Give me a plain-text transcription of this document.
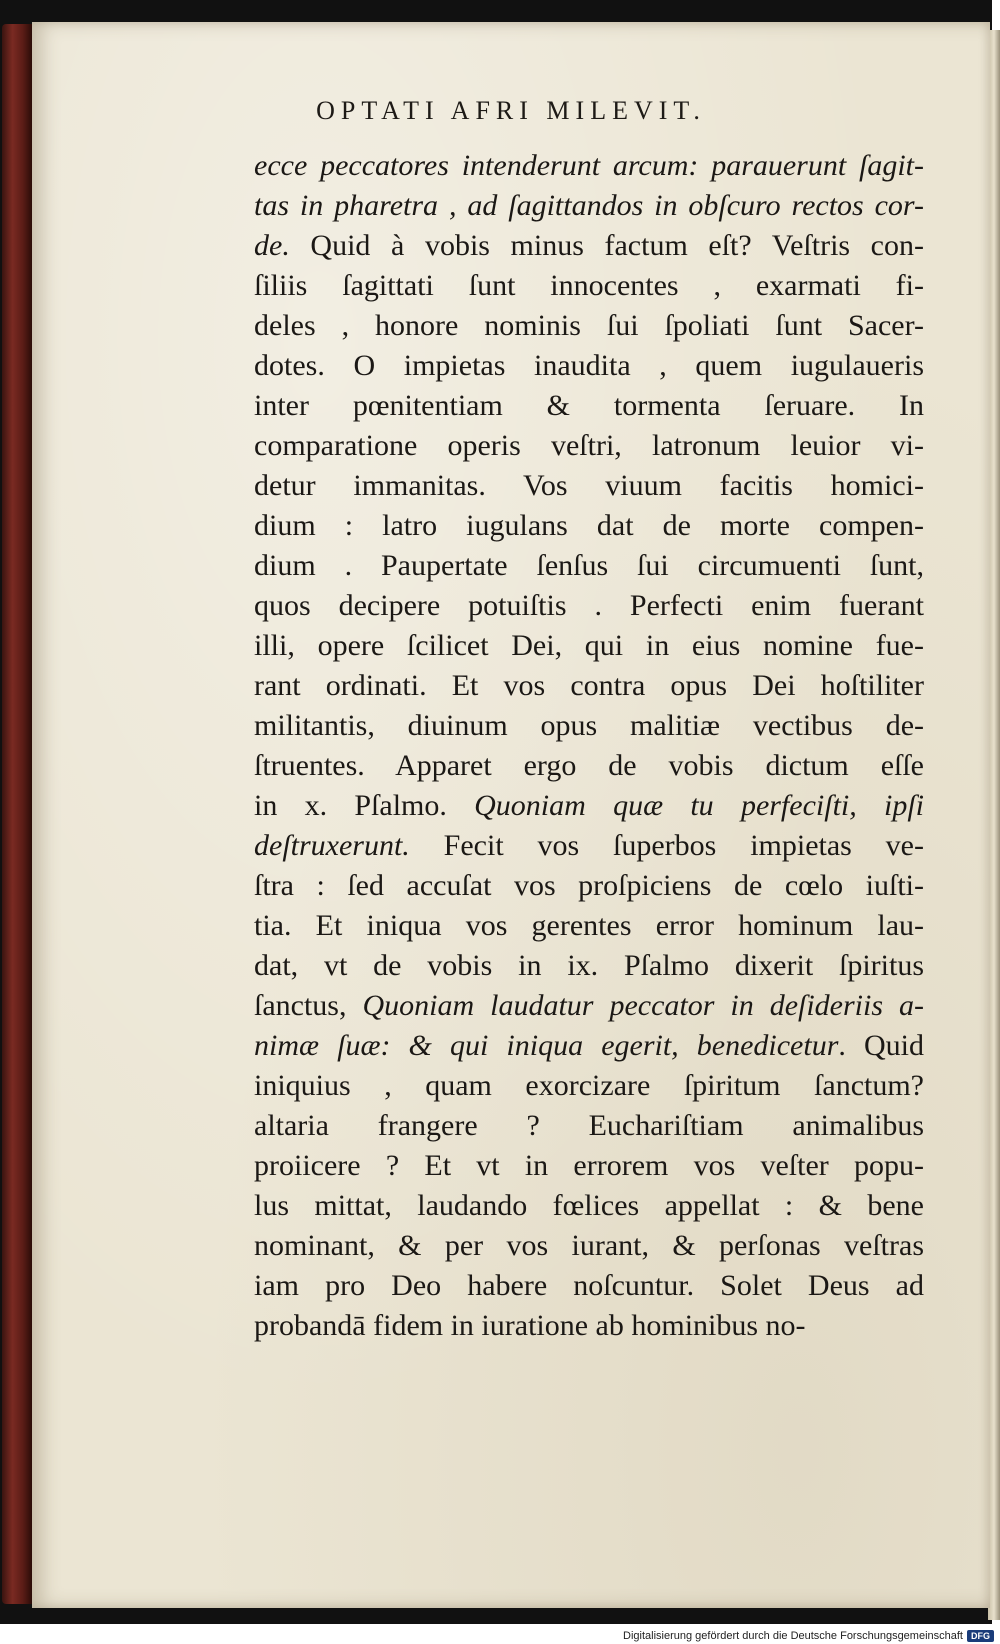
OPTATI AFRI MILEVIT.
ecce peccatores intenderunt arcum: parauerunt ſagit-
tas in pharetra , ad ſagittandos in obſcuro rectos cor-
de. Quid à vobis minus factum eſt? Veſtris con-
ſiliis ſagittati ſunt innocentes , exarmati fi-
deles , honore nominis ſui ſpoliati ſunt Sacer-
dotes. O impietas inaudita , quem iugulaueris
inter pœnitentiam & tormenta ſeruare. In
comparatione operis veſtri, latronum leuior vi-
detur immanitas. Vos viuum facitis homici-
dium : latro iugulans dat de morte compen-
dium . Paupertate ſenſus ſui circumuenti ſunt,
quos decipere potuiſtis . Perfecti enim fuerant
illi, opere ſcilicet Dei, qui in eius nomine fue-
rant ordinati. Et vos contra opus Dei hoſtiliter
militantis, diuinum opus malitiæ vectibus de-
ſtruentes. Apparet ergo de vobis dictum eſſe
in x. Pſalmo. Quoniam quæ tu perfeciſti, ipſi
deſtruxerunt. Fecit vos ſuperbos impietas ve-
ſtra : ſed accuſat vos proſpiciens de cœlo iuſti-
tia. Et iniqua vos gerentes error hominum lau-
dat, vt de vobis in ix. Pſalmo dixerit ſpiritus
ſanctus, Quoniam laudatur peccator in deſideriis a-
nimæ ſuæ: & qui iniqua egerit, benedicetur. Quid
iniquius , quam exorcizare ſpiritum ſanctum?
altaria frangere ? Euchariſtiam animalibus
proiicere ? Et vt in errorem vos veſter popu-
lus mittat, laudando fœlices appellat : & bene
nominant, & per vos iurant, & perſonas veſtras
iam pro Deo habere noſcuntur. Solet Deus ad
probandā fidem in iuratione ab hominibus no-
Digitalisierung gefördert durch die Deutsche Forschungsgemeinschaft DFG
